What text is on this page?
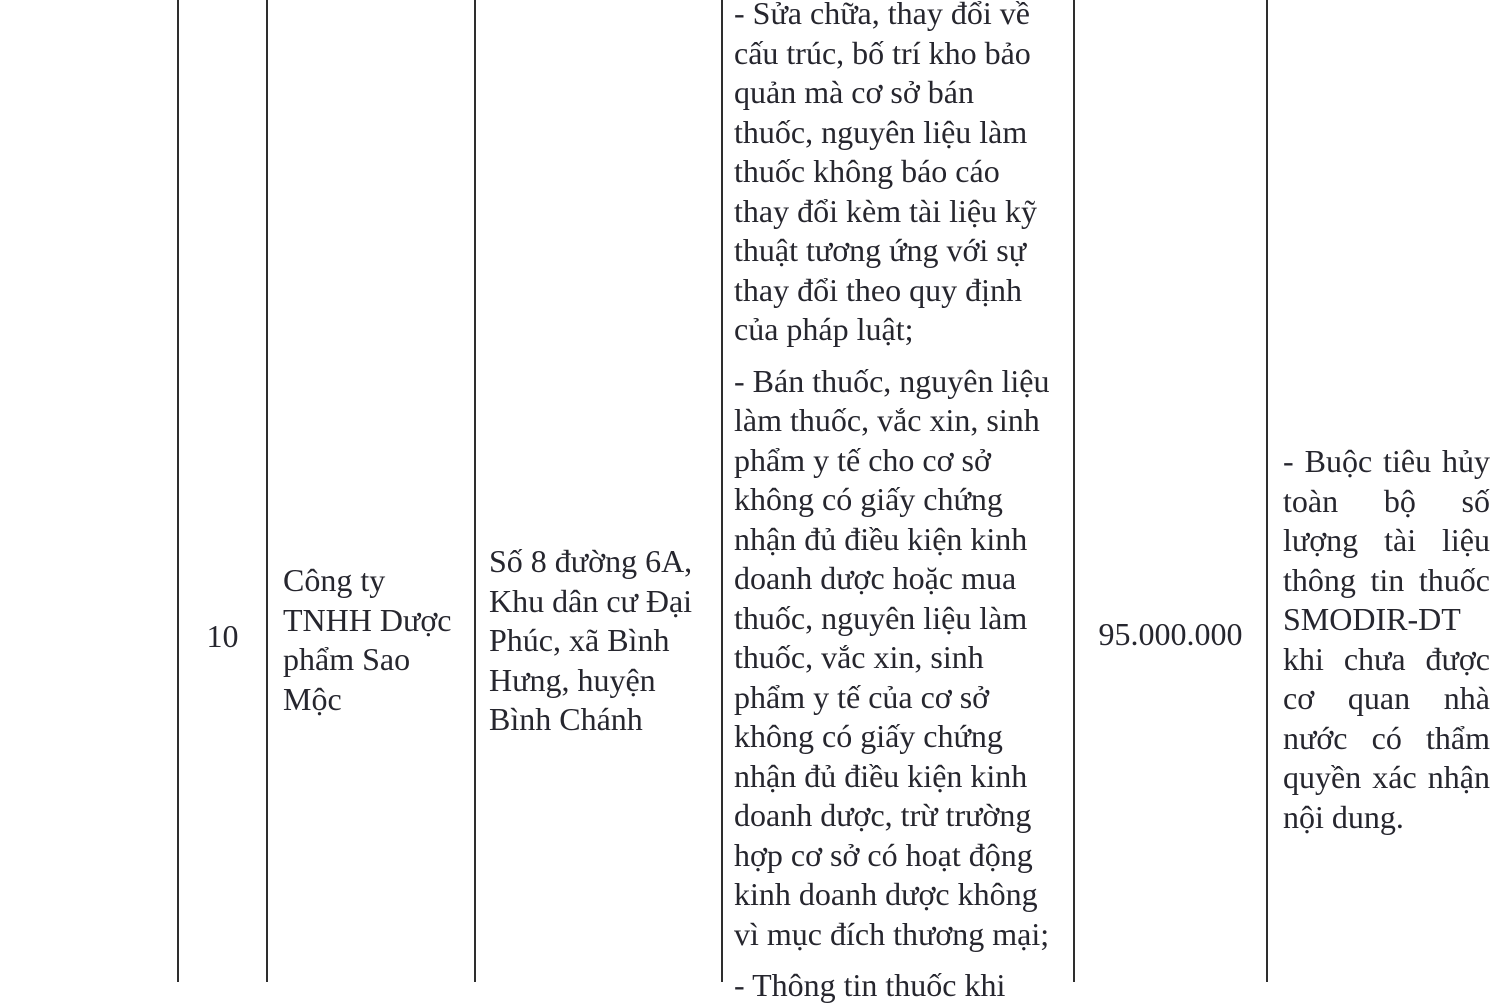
10
Công ty
TNHH Dược
phẩm Sao
Mộc
Số 8 đường 6A,
Khu dân cư Đại
Phúc, xã Bình
Hưng, huyện
Bình Chánh
- Sửa chữa, thay đổi về
cấu trúc, bố trí kho bảo
quản mà cơ sở bán
thuốc, nguyên liệu làm
thuốc không báo cáo
thay đổi kèm tài liệu kỹ
thuật tương ứng với sự
thay đổi theo quy định
của pháp luật;
- Bán thuốc, nguyên liệu
làm thuốc, vắc xin, sinh
phẩm y tế cho cơ sở
không có giấy chứng
nhận đủ điều kiện kinh
doanh dược hoặc mua
thuốc, nguyên liệu làm
thuốc, vắc xin, sinh
phẩm y tế của cơ sở
không có giấy chứng
nhận đủ điều kiện kinh
doanh dược, trừ trường
hợp cơ sở có hoạt động
kinh doanh dược không
vì mục đích thương mại;
- Thông tin thuốc khi
95.000.000
- Buộc tiêu hủy
toàn bộ số
lượng tài liệu
thông tin thuốc
SMODIR-DT
khi chưa được
cơ quan nhà
nước có thẩm
quyền xác nhận
nội dung.
